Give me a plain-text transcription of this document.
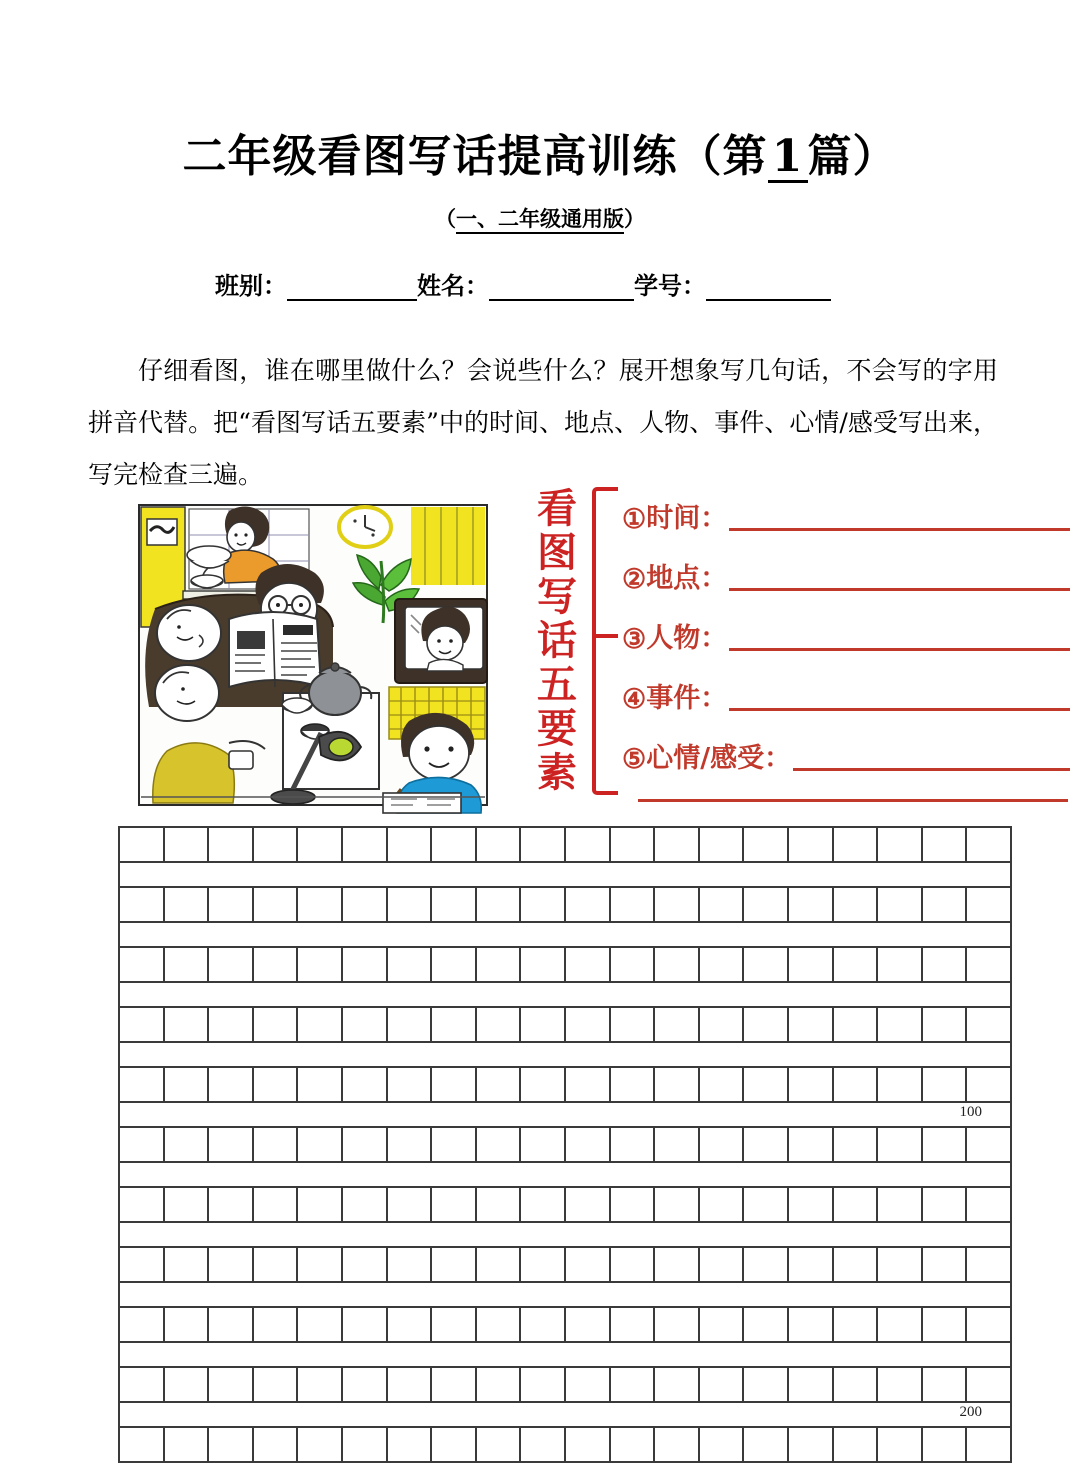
二年级看图写话提高训练（第1篇）
（一、二年级通用版）
班别：	姓名：	学号：
仔细看图，谁在哪里做什么？会说些什么？展开想象写几句话，不会写的字用拼音代替。把“看图写话五要素”中的时间、地点、人物、事件、心情/感受写出来，写完检查三遍。
看
图
写
话
五
要
素
① 时间：
② 地点：
③ 人物：
④ 事件：
⑤ 心情/感受：
100
200
